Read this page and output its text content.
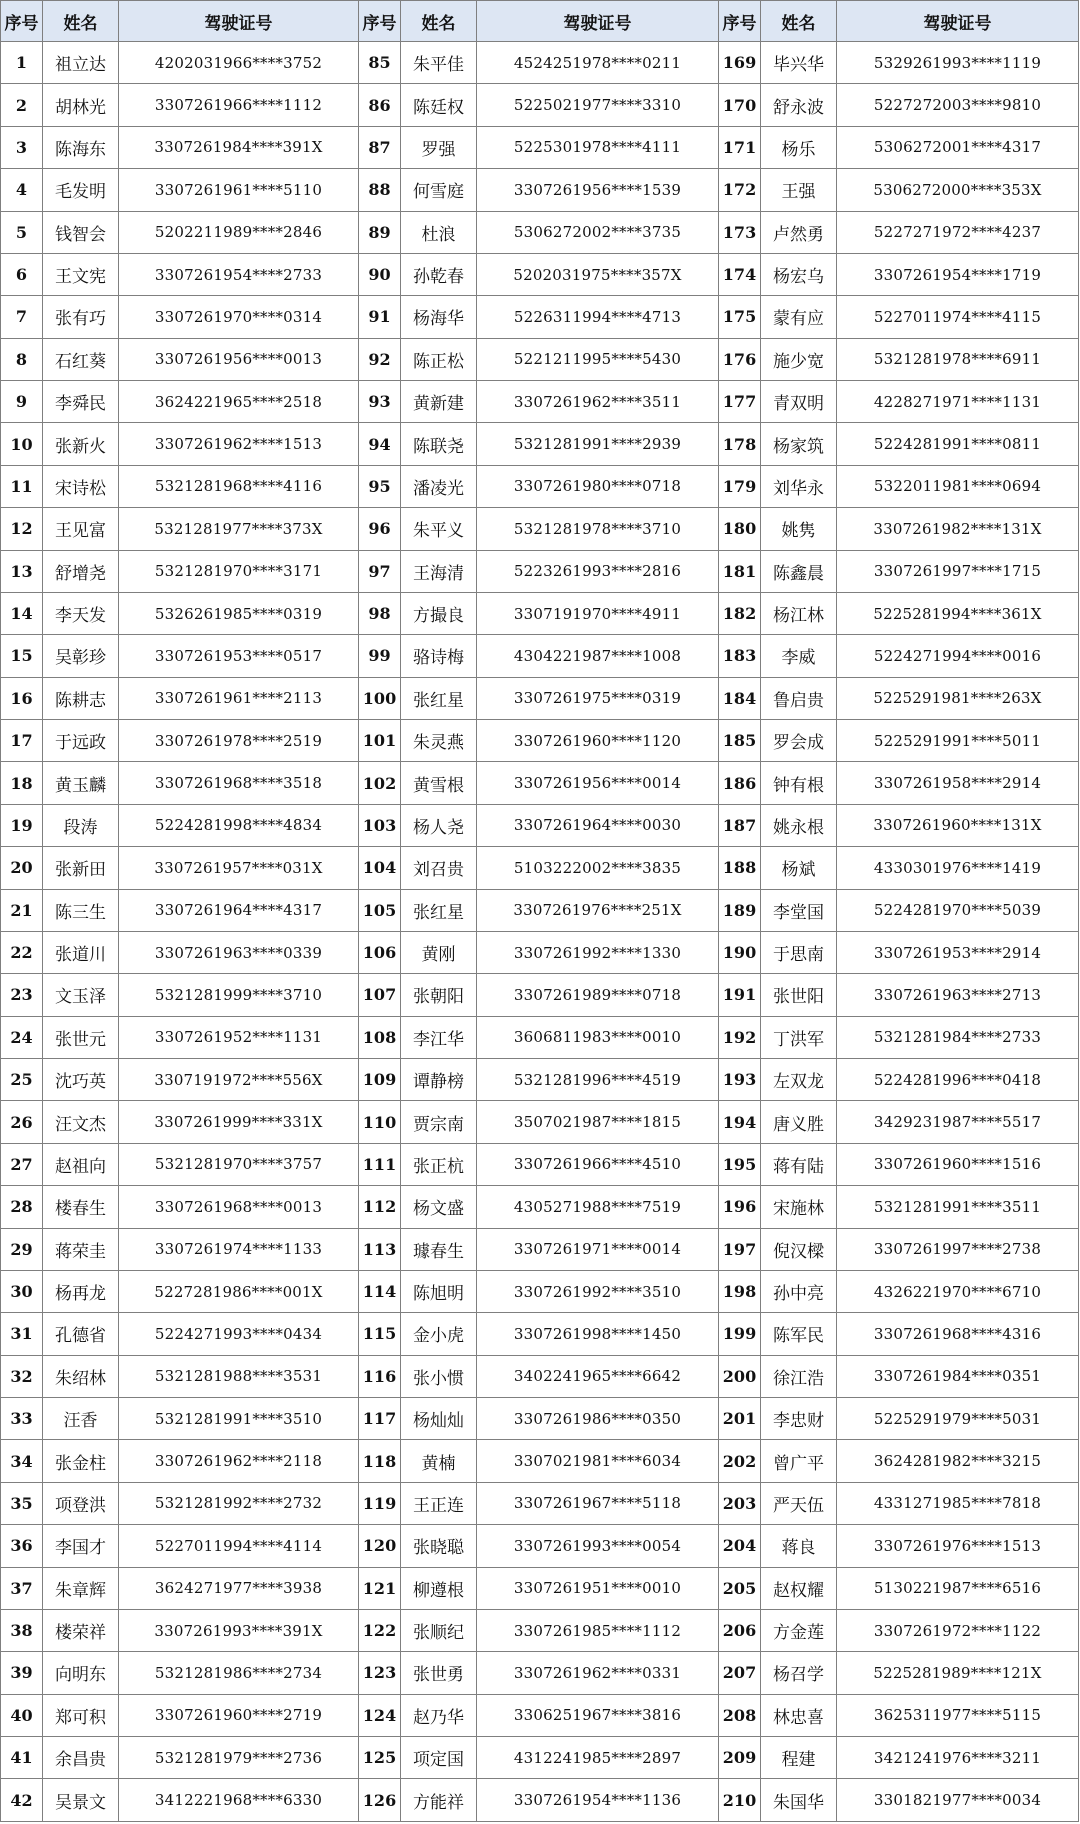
序号	姓名	驾驶证号	序号	姓名	驾驶证号	序号	姓名	驾驶证号
1	祖立达	4202031966****3752	85	朱平佳	4524251978****0211	169	毕兴华	5329261993****1119
2	胡林光	3307261966****1112	86	陈廷权	5225021977****3310	170	舒永波	5227272003****9810
3	陈海东	3307261984****391X	87	罗强	5225301978****4111	171	杨乐	5306272001****4317
4	毛发明	3307261961****5110	88	何雪庭	3307261956****1539	172	王强	5306272000****353X
5	钱智会	5202211989****2846	89	杜浪	5306272002****3735	173	卢然勇	5227271972****4237
6	王文宪	3307261954****2733	90	孙乾春	5202031975****357X	174	杨宏乌	3307261954****1719
7	张有巧	3307261970****0314	91	杨海华	5226311994****4713	175	蒙有应	5227011974****4115
8	石红葵	3307261956****0013	92	陈正松	5221211995****5430	176	施少宽	5321281978****6911
9	李舜民	3624221965****2518	93	黄新建	3307261962****3511	177	青双明	4228271971****1131
10	张新火	3307261962****1513	94	陈联尧	5321281991****2939	178	杨家筑	5224281991****0811
11	宋诗松	5321281968****4116	95	潘凌光	3307261980****0718	179	刘华永	5322011981****0694
12	王见富	5321281977****373X	96	朱平义	5321281978****3710	180	姚隽	3307261982****131X
13	舒增尧	5321281970****3171	97	王海清	5223261993****2816	181	陈鑫晨	3307261997****1715
14	李天发	5326261985****0319	98	方撮良	3307191970****4911	182	杨江林	5225281994****361X
15	吴彰珍	3307261953****0517	99	骆诗梅	4304221987****1008	183	李威	5224271994****0016
16	陈耕志	3307261961****2113	100	张红星	3307261975****0319	184	鲁启贵	5225291981****263X
17	于远政	3307261978****2519	101	朱灵燕	3307261960****1120	185	罗会成	5225291991****5011
18	黄玉麟	3307261968****3518	102	黄雪根	3307261956****0014	186	钟有根	3307261958****2914
19	段涛	5224281998****4834	103	杨人尧	3307261964****0030	187	姚永根	3307261960****131X
20	张新田	3307261957****031X	104	刘召贵	5103222002****3835	188	杨斌	4330301976****1419
21	陈三生	3307261964****4317	105	张红星	3307261976****251X	189	李堂国	5224281970****5039
22	张道川	3307261963****0339	106	黄刚	3307261992****1330	190	于思南	3307261953****2914
23	文玉泽	5321281999****3710	107	张朝阳	3307261989****0718	191	张世阳	3307261963****2713
24	张世元	3307261952****1131	108	李江华	3606811983****0010	192	丁洪军	5321281984****2733
25	沈巧英	3307191972****556X	109	谭静榜	5321281996****4519	193	左双龙	5224281996****0418
26	汪文杰	3307261999****331X	110	贾宗南	3507021987****1815	194	唐义胜	3429231987****5517
27	赵祖向	5321281970****3757	111	张正杭	3307261966****4510	195	蒋有陆	3307261960****1516
28	楼春生	3307261968****0013	112	杨文盛	4305271988****7519	196	宋施林	5321281991****3511
29	蒋荣圭	3307261974****1133	113	璩春生	3307261971****0014	197	倪汉樑	3307261997****2738
30	杨再龙	5227281986****001X	114	陈旭明	3307261992****3510	198	孙中亮	4326221970****6710
31	孔德省	5224271993****0434	115	金小虎	3307261998****1450	199	陈军民	3307261968****4316
32	朱绍林	5321281988****3531	116	张小惯	3402241965****6642	200	徐江浩	3307261984****0351
33	汪香	5321281991****3510	117	杨灿灿	3307261986****0350	201	李忠财	5225291979****5031
34	张金柱	3307261962****2118	118	黄楠	3307021981****6034	202	曾广平	3624281982****3215
35	项登洪	5321281992****2732	119	王正连	3307261967****5118	203	严天伍	4331271985****7818
36	李国才	5227011994****4114	120	张晓聪	3307261993****0054	204	蒋良	3307261976****1513
37	朱章辉	3624271977****3938	121	柳遵根	3307261951****0010	205	赵权耀	5130221987****6516
38	楼荣祥	3307261993****391X	122	张顺纪	3307261985****1112	206	方金莲	3307261972****1122
39	向明东	5321281986****2734	123	张世勇	3307261962****0331	207	杨召学	5225281989****121X
40	郑可积	3307261960****2719	124	赵乃华	3306251967****3816	208	林忠喜	3625311977****5115
41	余昌贵	5321281979****2736	125	项定国	4312241985****2897	209	程建	3421241976****3211
42	吴景文	3412221968****6330	126	方能祥	3307261954****1136	210	朱国华	3301821977****0034
